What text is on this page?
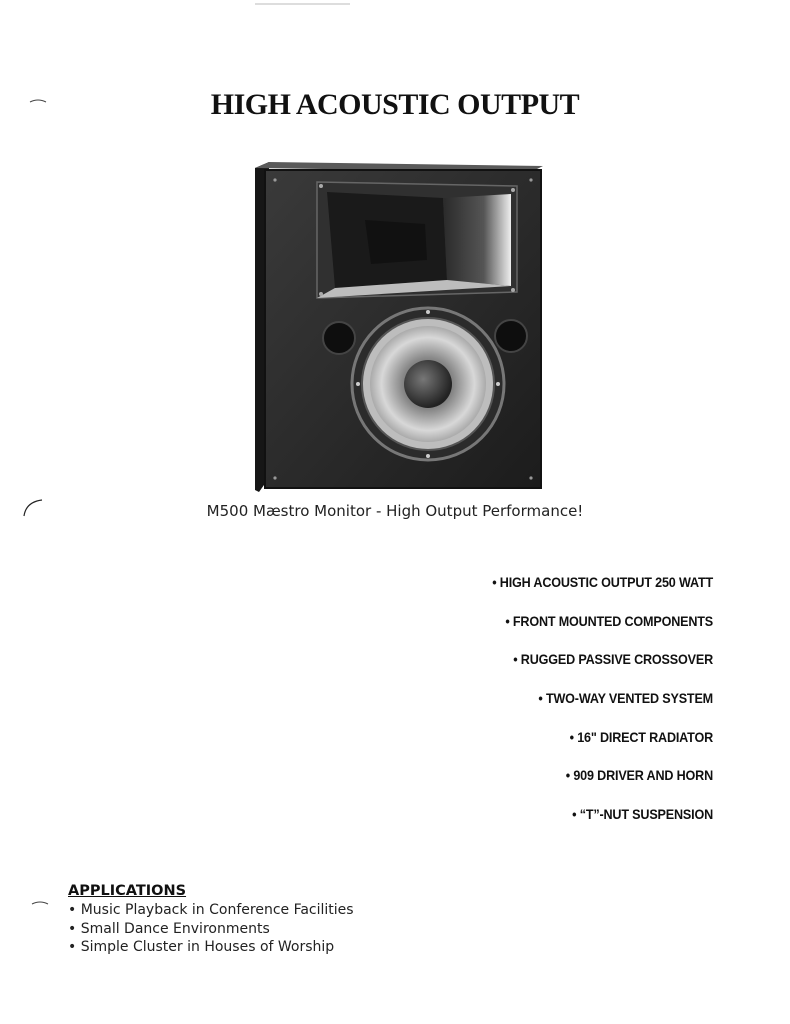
HIGH ACOUSTIC OUTPUT
M500 Mæstro Monitor - High Output Performance!
• HIGH ACOUSTIC OUTPUT 250 WATT
• FRONT MOUNTED COMPONENTS
• RUGGED PASSIVE CROSSOVER
• TWO-WAY VENTED SYSTEM
• 16" DIRECT RADIATOR
• 909 DRIVER AND HORN
• “T”-NUT SUSPENSION
APPLICATIONS
• Music Playback in Conference Facilities
• Small Dance Environments
• Simple Cluster in Houses of Worship
